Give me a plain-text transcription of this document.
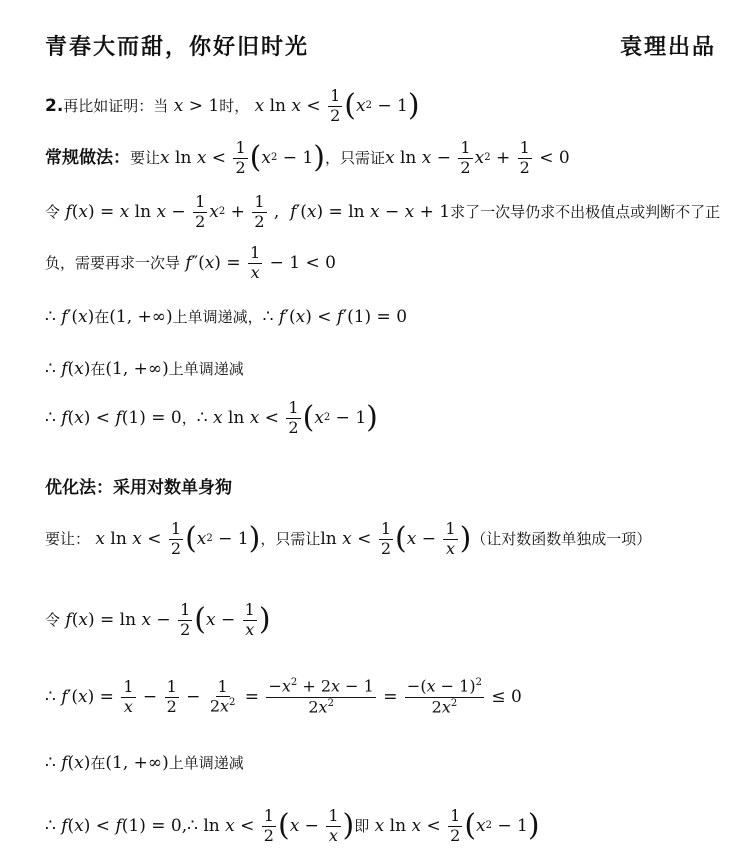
青春大而甜，你好旧时光	袁理出品
2. 再比如证明：当 x > 1 时， x $\ln x < \frac{1}{2}$ ( x 2 − 1 )
常规做法： 要让 x $\ln x < \frac{1}{2}$ ( x 2 − 1 ) ，只需证 x $\ln x - \frac{1}{2}$ x $2 + \frac{1}{2} < 0$
令 f ( x ) = x $\ln x - \frac{1}{2}$ x $2 + \frac{1}{2}$ , f ′( x ) = ln x − x + 1 求了一次导仍求不出极值点或判断不了正
负，需要再求一次导 f ″( x ) = $\frac{1}{x} - 1 < 0$
∴ f ′( x ) 在 (1, +∞) 上单调递减， ∴ f ′( x ) < f ′(1) = 0
∴ f ( x ) 在 (1, +∞) 上单调递减
∴ f ( x ) < f (1) = 0 ， ∴ x $\ln x < \frac{1}{2}$ ( x 2 − 1 )
优化法：采用对数单身狗
要让： x $\ln x < \frac{1}{2}$ ( x 2 − 1 ) ，只需让 $\ln x < \frac{1}{2}$ ( $x - \frac{1}{x}$ ) （让对数函数单独成一项）
令 f ( x ) = $\ln x - \frac{1}{2}$ ( $x - \frac{1}{x}$ )
∴ f ′( x ) = $\frac{1}{x} - \frac{1}{2} - \frac{1}{2x^2} = \frac{-x^2 + 2x - 1}{2x^2} = \frac{-(x - 1)^2}{2x^2} \le 0$
∴ f ( x ) 在 (1, +∞) 上单调递减
∴ f ( x ) < f (1) = 0,∴ $\ln x < \frac{1}{2}$ ( $x - \frac{1}{x}$ ) 即 x $\ln x < \frac{1}{2}$ ( x 2 − 1 )
